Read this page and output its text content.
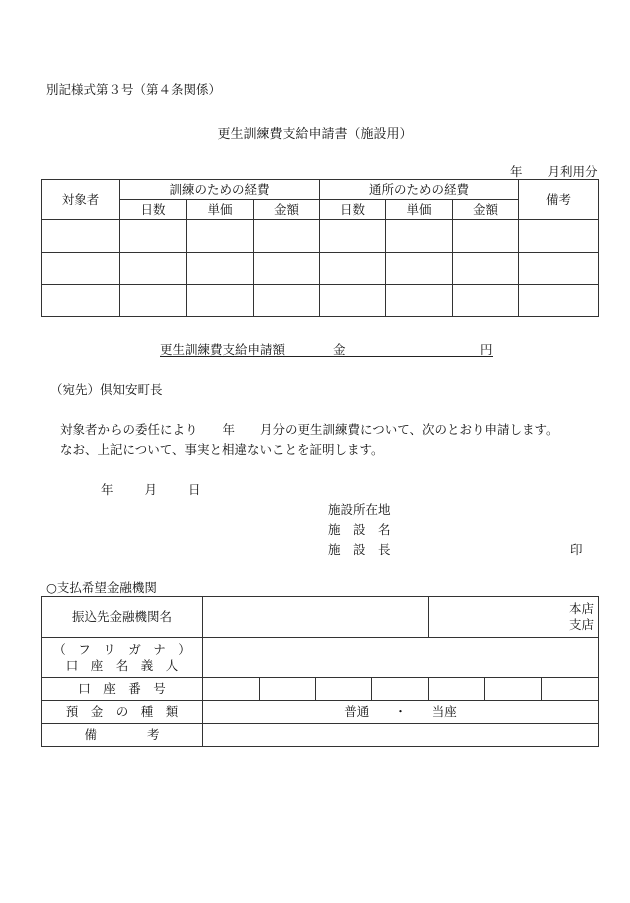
別記様式第３号（第４条関係）
更生訓練費支給申請書（施設用）
年　　月利用分
対象者	訓練のための経費			通所のための経費			備考
	日数	単価	金額	日数	単価	金額	

更生訓練費支給申請額	金	円
（宛先）倶知安町長
対象者からの委任により　　年　　月分の更生訓練費について、次のとおり申請します。
なお、上記について、事実と相違ないことを証明します。
年　　月　　日
施設所在地
施　設　名
施　設　長	印
○支払希望金融機関
振込先金融機関名					本店
支店		

（　フ　リ　ガ　ナ　）
口　座　名　義　人							

口　座　番　号							
預　金　の　種　類	普通　　・　　当座						
備　　　　考							
